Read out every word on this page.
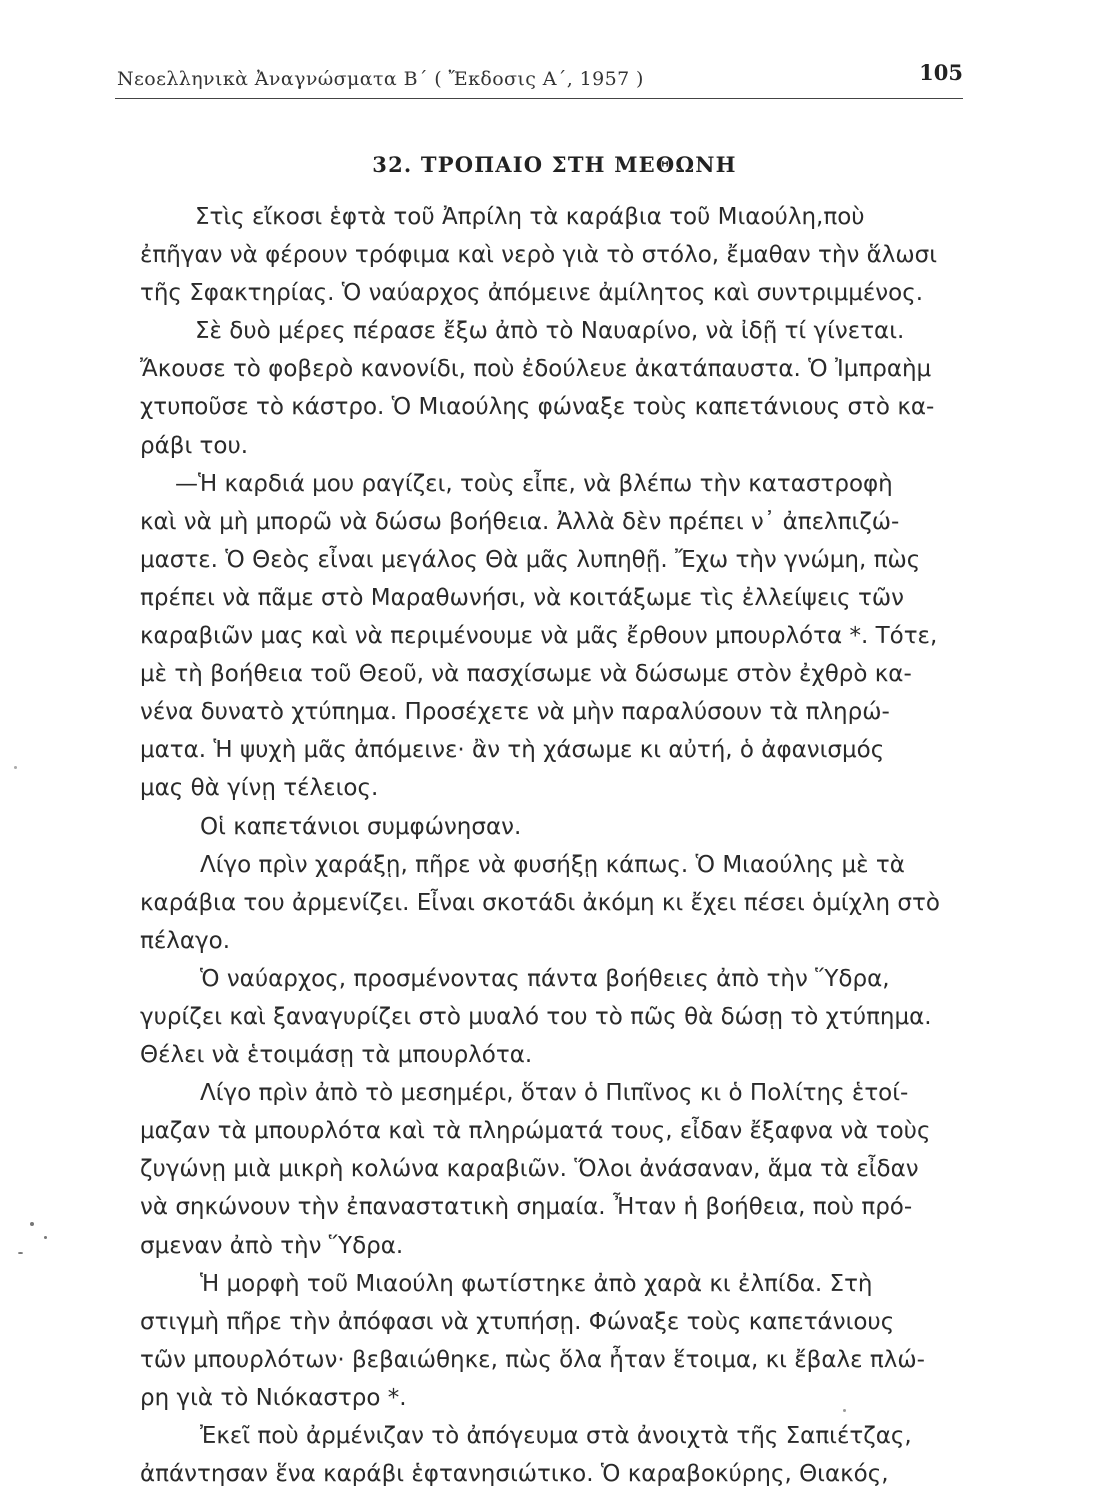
Νεοελληνικὰ Ἀναγνώσματα Β΄ ( Ἔκδοσις Α΄, 1957 )	105
32. ΤΡΟΠΑΙΟ ΣΤΗ ΜΕΘΩΝΗ
Στὶς εἴκοσι ἑφτὰ τοῦ Ἀπρίλη τὰ καράβια τοῦ Μιαούλη,ποὺ
ἐπῆγαν νὰ φέρουν τρόφιμα καὶ νερὸ γιὰ τὸ στόλο, ἔμαθαν τὴν ἅλωσι
τῆς Σφακτηρίας. Ὁ ναύαρχος ἀπόμεινε ἀμίλητος καὶ συντριμμένος.
Σὲ δυὸ μέρες πέρασε ἔξω ἀπὸ τὸ Ναυαρίνο, νὰ ἰδῇ τί γίνεται.
Ἄκουσε τὸ φοβερὸ κανονίδι, ποὺ ἐδούλευε ἀκατάπαυστα. Ὁ Ἰμπραὴμ
χτυποῦσε τὸ κάστρο. Ὁ Μιαούλης φώναξε τοὺς καπετάνιους στὸ κα-
ράβι του.
—Ἡ καρδιά μου ραγίζει, τοὺς εἶπε, νὰ βλέπω τὴν καταστροφὴ
καὶ νὰ μὴ μπορῶ νὰ δώσω βοήθεια. Ἀλλὰ δὲν πρέπει ν᾽ ἀπελπιζώ-
μαστε. Ὁ Θεὸς εἶναι μεγάλος Θὰ μᾶς λυπηθῇ. Ἔχω τὴν γνώμη, πὼς
πρέπει νὰ πᾶμε στὸ Μαραθωνήσι, νὰ κοιτάξωμε τὶς ἐλλείψεις τῶν
καραβιῶν μας καὶ νὰ περιμένουμε νὰ μᾶς ἔρθουν μπουρλότα *. Τότε,
μὲ τὴ βοήθεια τοῦ Θεοῦ, νὰ πασχίσωμε νὰ δώσωμε στὸν ἐχθρὸ κα-
νένα δυνατὸ χτύπημα. Προσέχετε νὰ μὴν παραλύσουν τὰ πληρώ-
ματα. Ἡ ψυχὴ μᾶς ἀπόμεινε· ἂν τὴ χάσωμε κι αὐτή, ὁ ἀφανισμός
μας θὰ γίνῃ τέλειος.
Οἱ καπετάνιοι συμφώνησαν.
Λίγο πρὶν χαράξῃ, πῆρε νὰ φυσήξῃ κάπως. Ὁ Μιαούλης μὲ τὰ
καράβια του ἀρμενίζει. Εἶναι σκοτάδι ἀκόμη κι ἔχει πέσει ὁμίχλη στὸ
πέλαγο.
Ὁ ναύαρχος, προσμένοντας πάντα βοήθειες ἀπὸ τὴν Ὕδρα,
γυρίζει καὶ ξαναγυρίζει στὸ μυαλό του τὸ πῶς θὰ δώσῃ τὸ χτύπημα.
Θέλει νὰ ἑτοιμάσῃ τὰ μπουρλότα.
Λίγο πρὶν ἀπὸ τὸ μεσημέρι, ὅταν ὁ Πιπῖνος κι ὁ Πολίτης ἑτοί-
μαζαν τὰ μπουρλότα καὶ τὰ πληρώματά τους, εἶδαν ἔξαφνα νὰ τοὺς
ζυγώνῃ μιὰ μικρὴ κολώνα καραβιῶν. Ὅλοι ἀνάσαναν, ἅμα τὰ εἶδαν
νὰ σηκώνουν τὴν ἐπαναστατικὴ σημαία. Ἦταν ἡ βοήθεια, ποὺ πρό-
σμεναν ἀπὸ τὴν Ὕδρα.
Ἡ μορφὴ τοῦ Μιαούλη φωτίστηκε ἀπὸ χαρὰ κι ἐλπίδα. Στὴ
στιγμὴ πῆρε τὴν ἀπόφασι νὰ χτυπήσῃ. Φώναξε τοὺς καπετάνιους
τῶν μπουρλότων· βεβαιώθηκε, πὼς ὅλα ἦταν ἕτοιμα, κι ἔβαλε πλώ-
ρη γιὰ τὸ Νιόκαστρο *.
Ἐκεῖ ποὺ ἀρμένιζαν τὸ ἀπόγευμα στὰ ἀνοιχτὰ τῆς Σαπιέτζας,
ἀπάντησαν ἕνα καράβι ἑφτανησιώτικο. Ὁ καραβοκύρης, Θιακός,
